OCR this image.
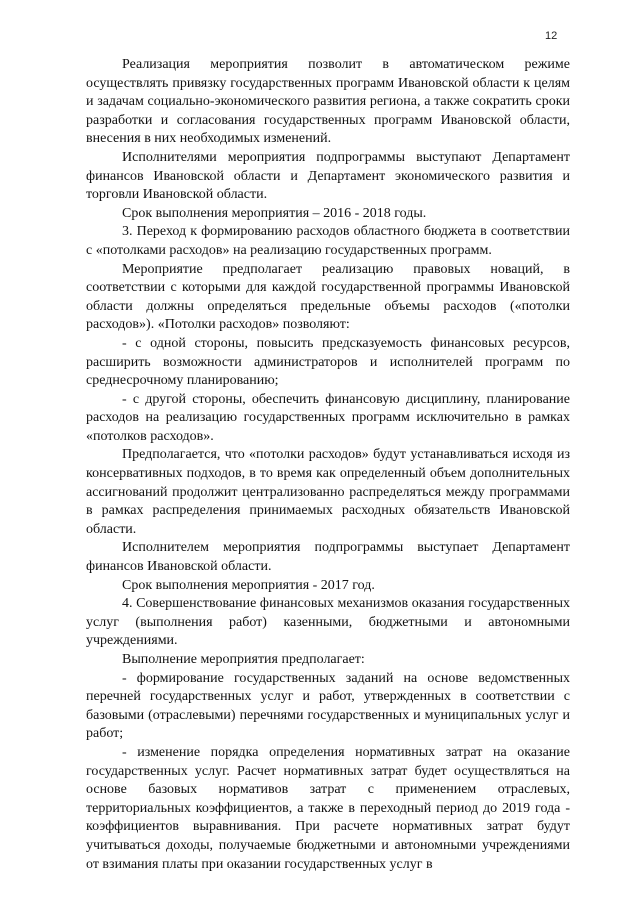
12

Реализация мероприятия позволит в автоматическом режиме осуществлять привязку государственных программ Ивановской области к целям и задачам социально-экономического развития региона, а также сократить сроки разработки и согласования государственных программ Ивановской области, внесения в них необходимых изменений.

Исполнителями мероприятия подпрограммы выступают Департамент финансов Ивановской области и Департамент экономического развития и торговли Ивановской области.

Срок выполнения мероприятия – 2016 - 2018 годы.

3. Переход к формированию расходов областного бюджета в соответствии с «потолками расходов» на реализацию государственных программ.

Мероприятие предполагает реализацию правовых новаций, в соответствии с которыми для каждой государственной программы Ивановской области должны определяться предельные объемы расходов («потолки расходов»). «Потолки расходов» позволяют:

- с одной стороны, повысить предсказуемость финансовых ресурсов, расширить возможности администраторов и исполнителей программ по среднесрочному планированию;

- с другой стороны, обеспечить финансовую дисциплину, планирование расходов на реализацию государственных программ исключительно в рамках «потолков расходов».

Предполагается, что «потолки расходов» будут устанавливаться исходя из консервативных подходов, в то время как определенный объем дополнительных ассигнований продолжит централизованно распределяться между программами в рамках распределения принимаемых расходных обязательств Ивановской области.

Исполнителем мероприятия подпрограммы выступает Департамент финансов Ивановской области.

Срок выполнения мероприятия - 2017 год.

4. Совершенствование финансовых механизмов оказания государственных услуг (выполнения работ) казенными, бюджетными и автономными учреждениями.

Выполнение мероприятия предполагает:

- формирование государственных заданий на основе ведомственных перечней государственных услуг и работ, утвержденных в соответствии с базовыми (отраслевыми) перечнями государственных и муниципальных услуг и работ;

- изменение порядка определения нормативных затрат на оказание государственных услуг. Расчет нормативных затрат будет осуществляться на основе базовых нормативов затрат с применением отраслевых, территориальных коэффициентов, а также в переходный период до 2019 года - коэффициентов выравнивания. При расчете нормативных затрат будут учитываться доходы, получаемые бюджетными и автономными учреждениями от взимания платы при оказании государственных услуг в
